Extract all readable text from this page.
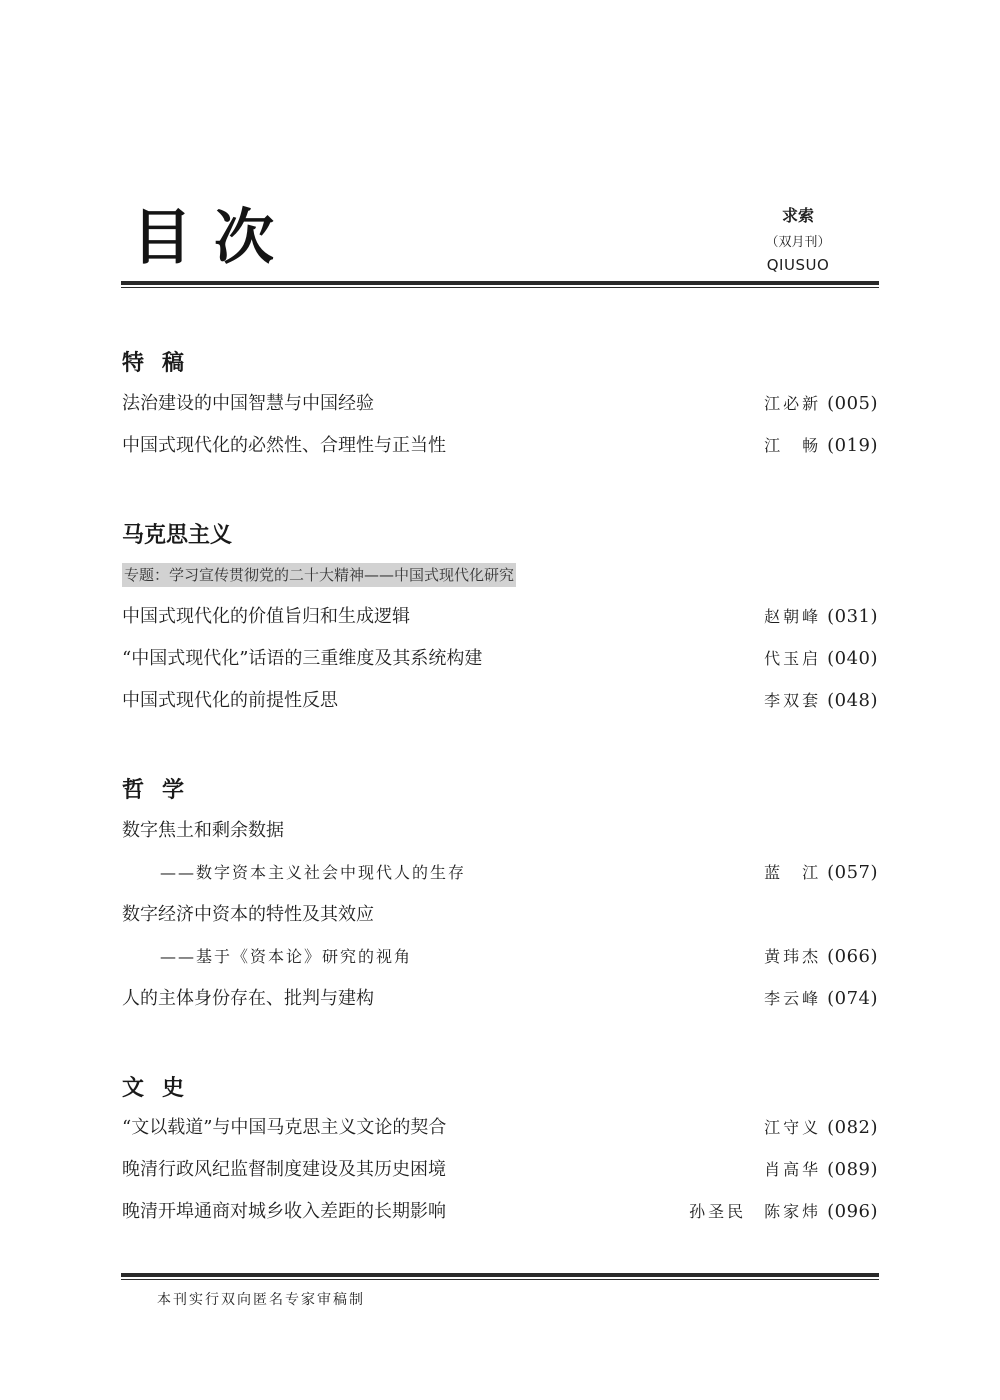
目次	求索
（双月刊）
QIUSUO
特稿
法治建设的中国智慧与中国经验	江必新 (005)
中国式现代化的必然性、合理性与正当性	江　畅 (019)
马克思主义
专题：学习宣传贯彻党的二十大精神——中国式现代化研究
中国式现代化的价值旨归和生成逻辑	赵朝峰 (031)
“中国式现代化”话语的三重维度及其系统构建	代玉启 (040)
中国式现代化的前提性反思	李双套 (048)
哲学
数字焦土和剩余数据
——数字资本主义社会中现代人的生存	蓝　江 (057)
数字经济中资本的特性及其效应
——基于《资本论》研究的视角	黄玮杰 (066)
人的主体身份存在、批判与建构	李云峰 (074)
文史
“文以载道”与中国马克思主义文论的契合	江守义 (082)
晚清行政风纪监督制度建设及其历史困境	肖高华 (089)
晚清开埠通商对城乡收入差距的长期影响	孙圣民 陈家炜 (096)
本刊实行双向匿名专家审稿制
